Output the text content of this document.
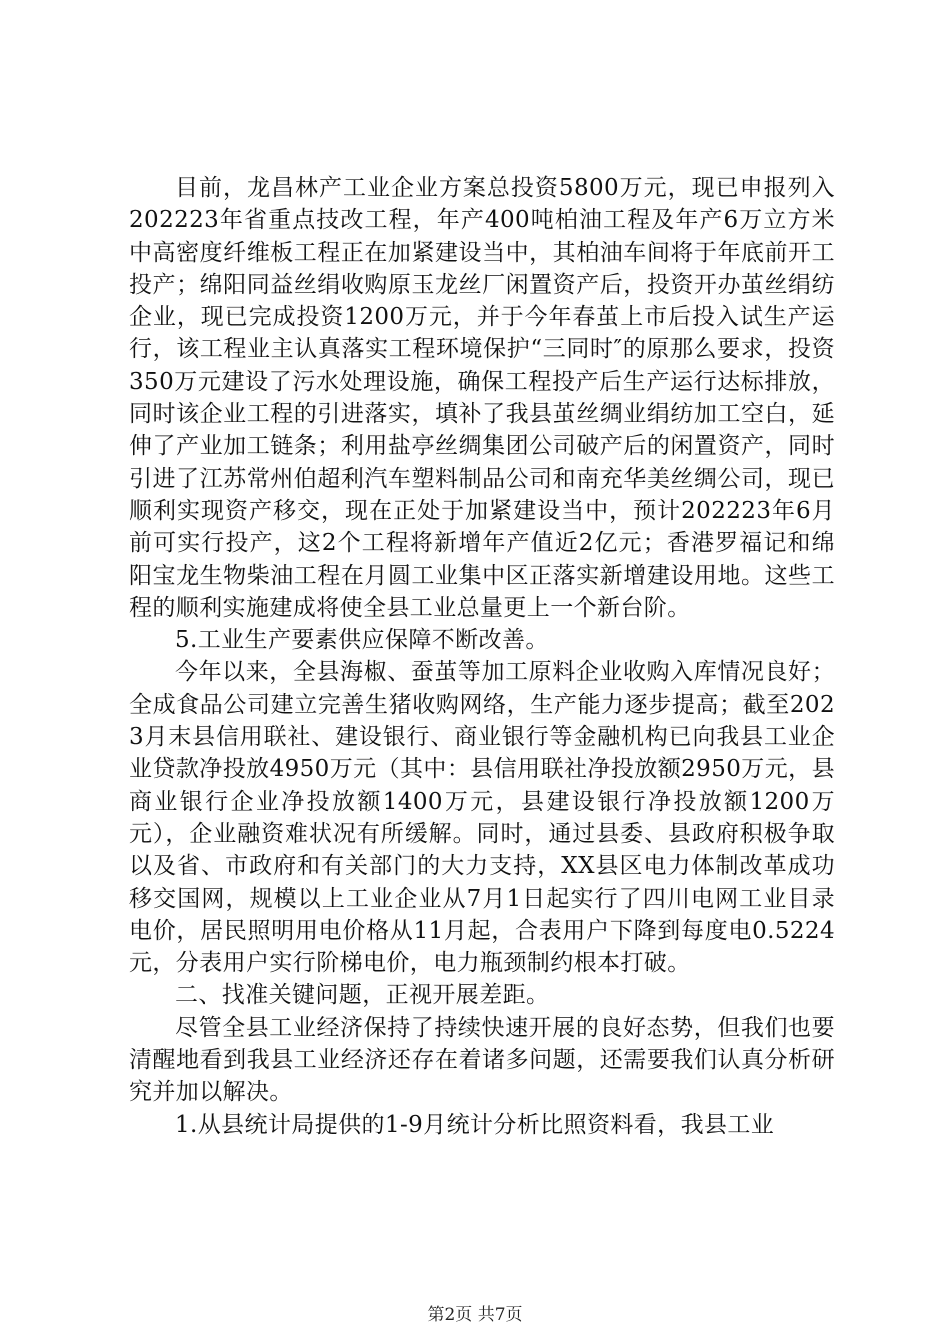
目前，龙昌林产工业企业方案总投资5800万元，现已申报列入202223年省重点技改工程，年产400吨柏油工程及年产6万立方米中高密度纤维板工程正在加紧建设当中，其柏油车间将于年底前开工投产；绵阳同益丝绢收购原玉龙丝厂闲置资产后，投资开办茧丝绢纺企业，现已完成投资1200万元，并于今年春茧上市后投入试生产运行，该工程业主认真落实工程环境保护“三同时″的原那么要求，投资350万元建设了污水处理设施，确保工程投产后生产运行达标排放，同时该企业工程的引进落实，填补了我县茧丝绸业绢纺加工空白，延伸了产业加工链条；利用盐亭丝绸集团公司破产后的闲置资产，同时引进了江苏常州伯超利汽车塑料制品公司和南充华美丝绸公司，现已顺利实现资产移交，现在正处于加紧建设当中，预计202223年6月前可实行投产，这2个工程将新增年产值近2亿元；香港罗福记和绵阳宝龙生物柴油工程在月圆工业集中区正落实新增建设用地。这些工程的顺利实施建成将使全县工业总量更上一个新台阶。

5.工业生产要素供应保障不断改善。

今年以来，全县海椒、蚕茧等加工原料企业收购入库情况良好；全成食品公司建立完善生猪收购网络，生产能力逐步提高；截至2023月末县信用联社、建设银行、商业银行等金融机构已向我县工业企业贷款净投放4950万元（其中：县信用联社净投放额2950万元，县商业银行企业净投放额1400万元，县建设银行净投放额1200万元），企业融资难状况有所缓解。同时，通过县委、县政府积极争取以及省、市政府和有关部门的大力支持，XX县区电力体制改革成功移交国网，规模以上工业企业从7月1日起实行了四川电网工业目录电价，居民照明用电价格从11月起，合表用户下降到每度电0.5224元，分表用户实行阶梯电价，电力瓶颈制约根本打破。

二、找准关键问题，正视开展差距。

尽管全县工业经济保持了持续快速开展的良好态势，但我们也要清醒地看到我县工业经济还存在着诸多问题，还需要我们认真分析研究并加以解决。

1.从县统计局提供的1-9月统计分析比照资料看，我县工业

第2页 共7页
